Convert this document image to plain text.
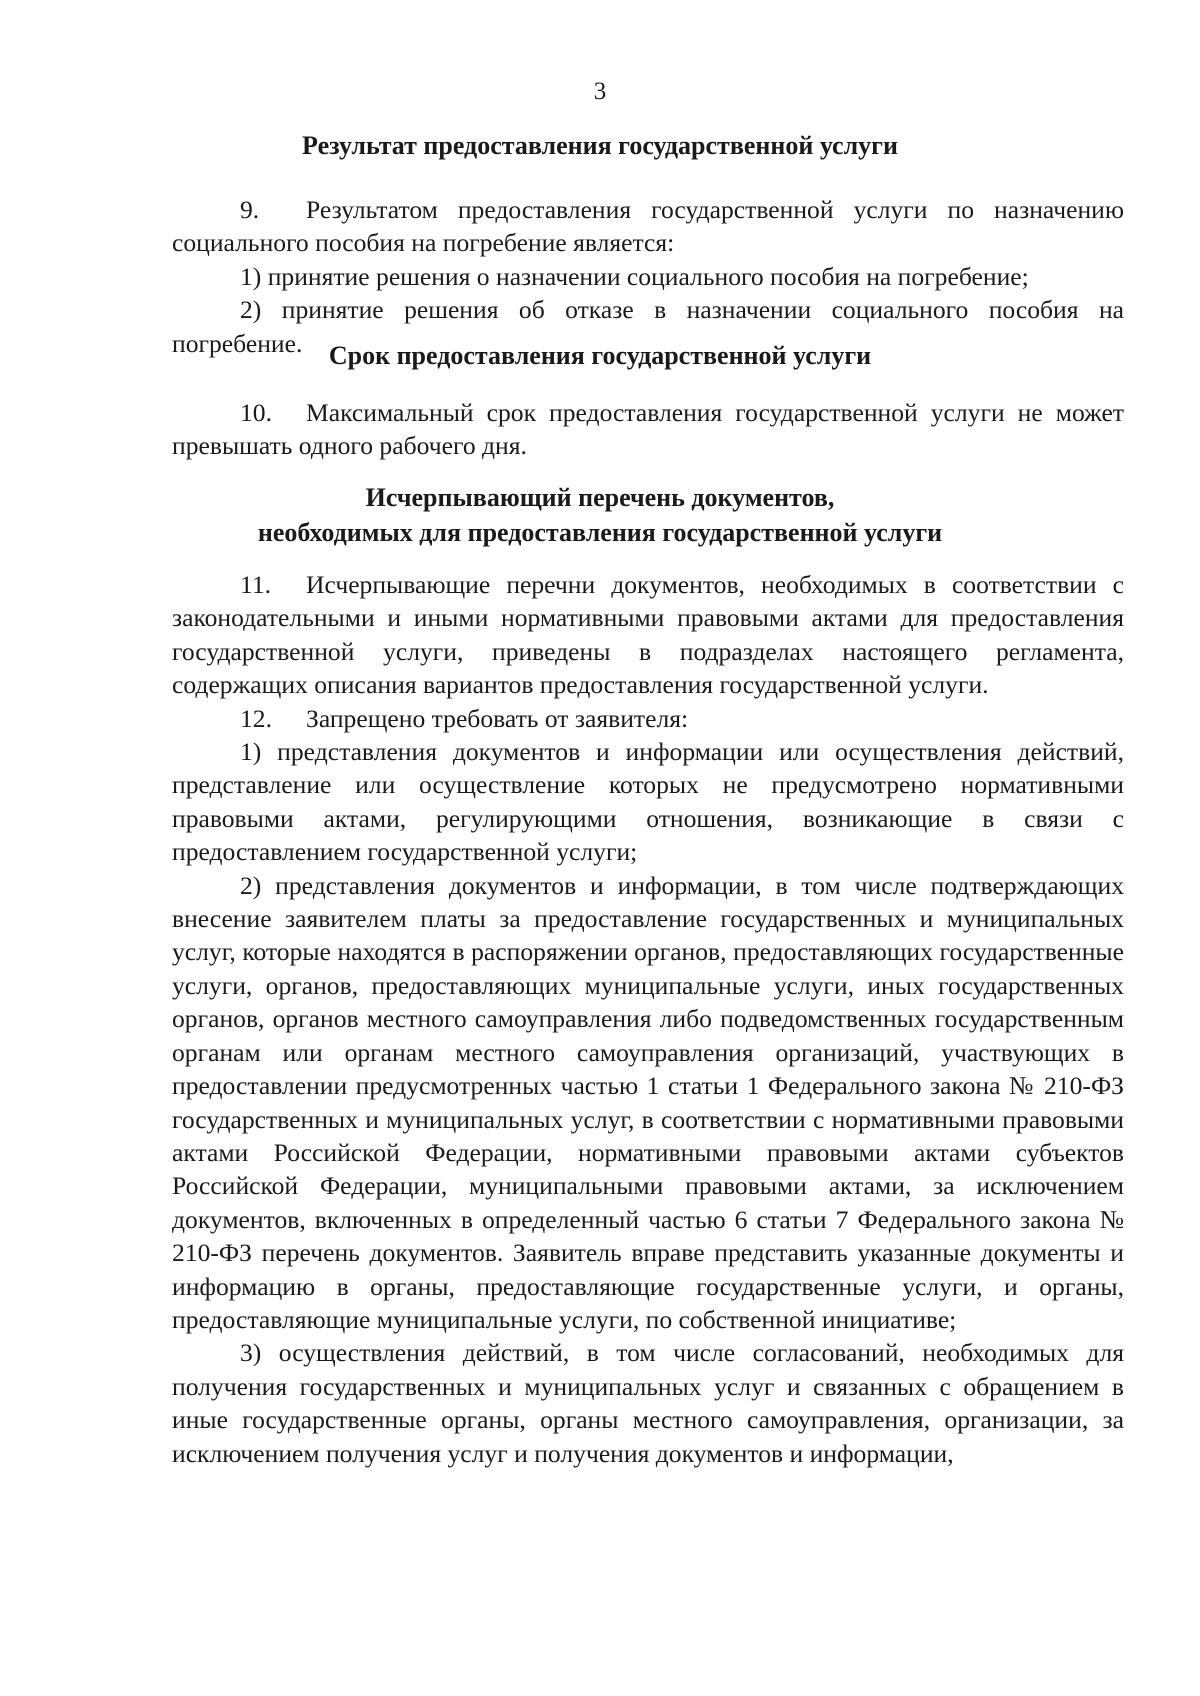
3
Результат предоставления государственной услуги

9. Результатом предоставления государственной услуги по назначению социального пособия на погребение является:

1) принятие решения о назначении социального пособия на погребение;

2) принятие решения об отказе в назначении социального пособия на погребение.	Срок предоставления государственной услуги

10. Максимальный срок предоставления государственной услуги не может превышать одного рабочего дня.

Исчерпывающий перечень документов,
необходимых для предоставления государственной услуги

11. Исчерпывающие перечни документов, необходимых в соответствии с законодательными и иными нормативными правовыми актами для предоставления государственной услуги, приведены в подразделах настоящего регламента, содержащих описания вариантов предоставления государственной услуги.

12. Запрещено требовать от заявителя:

1) представления документов и информации или осуществления действий, представление или осуществление которых не предусмотрено нормативными правовыми актами, регулирующими отношения, возникающие в связи с предоставлением государственной услуги;

2) представления документов и информации, в том числе подтверждающих внесение заявителем платы за предоставление государственных и муниципальных услуг, которые находятся в распоряжении органов, предоставляющих государственные услуги, органов, предоставляющих муниципальные услуги, иных государственных органов, органов местного самоуправления либо подведомственных государственным органам или органам местного самоуправления организаций, участвующих в предоставлении предусмотренных частью 1 статьи 1 Федерального закона № 210-ФЗ государственных и муниципальных услуг, в соответствии с нормативными правовыми актами Российской Федерации, нормативными правовыми актами субъектов Российской Федерации, муниципальными правовыми актами, за исключением документов, включенных в определенный частью 6 статьи 7 Федерального закона № 210-ФЗ перечень документов. Заявитель вправе представить указанные документы и информацию в органы, предоставляющие государственные услуги, и органы, предоставляющие муниципальные услуги, по собственной инициативе;

3) осуществления действий, в том числе согласований, необходимых для получения государственных и муниципальных услуг и связанных с обращением в иные государственные органы, органы местного самоуправления, организации, за исключением получения услуг и получения документов и информации,
